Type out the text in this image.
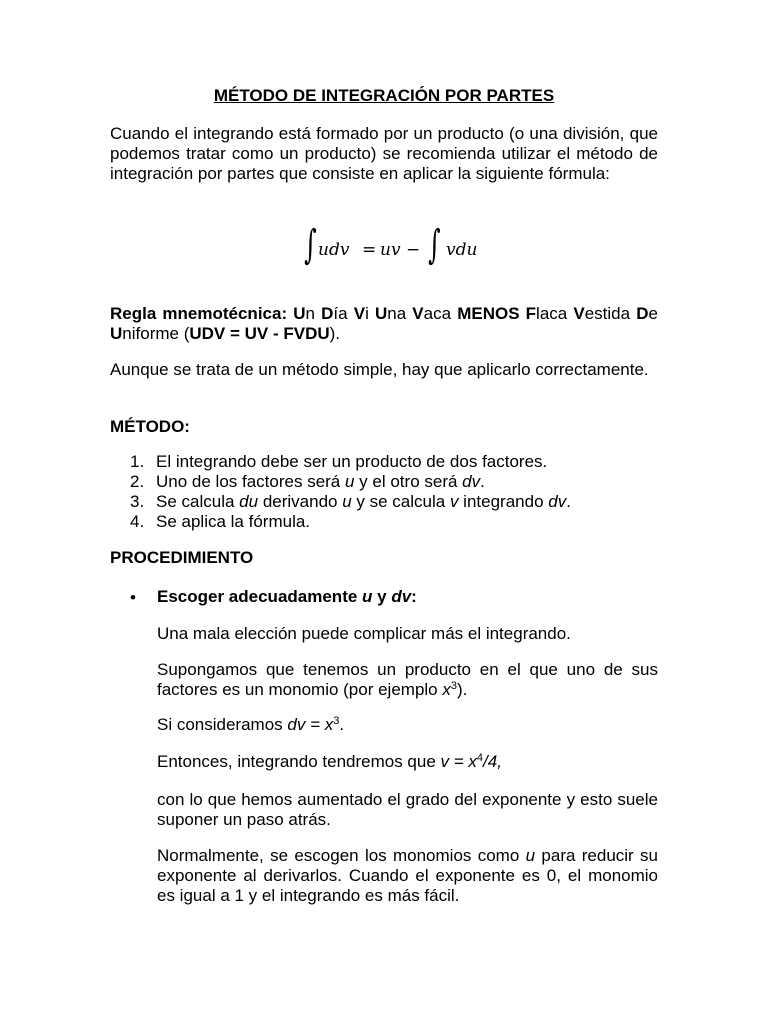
MÉTODO DE INTEGRACIÓN POR PARTES
Cuando el integrando está formado por un producto (o una división, que podemos tratar como un producto) se recomienda utilizar el método de integración por partes que consiste en aplicar la siguiente fórmula:
∫ udv = uv − ∫ vdu
Regla mnemotécnica: Un Día Vi Una Vaca MENOS Flaca Vestida De Uniforme (UDV = UV - FVDU).
Aunque se trata de un método simple, hay que aplicarlo correctamente.
MÉTODO:
1. El integrando debe ser un producto de dos factores.
2. Uno de los factores será u y el otro será dv.
3. Se calcula du derivando u y se calcula v integrando dv.
4. Se aplica la fórmula.
PROCEDIMIENTO
• Escoger adecuadamente u y dv:
Una mala elección puede complicar más el integrando.
Supongamos que tenemos un producto en el que uno de sus factores es un monomio (por ejemplo $x^3$).
Si consideramos dv = $x^3$.
Entonces, integrando tendremos que $v = x^4/4$,
con lo que hemos aumentado el grado del exponente y esto suele suponer un paso atrás.
Normalmente, se escogen los monomios como u para reducir su exponente al derivarlos. Cuando el exponente es 0, el monomio es igual a 1 y el integrando es más fácil.
